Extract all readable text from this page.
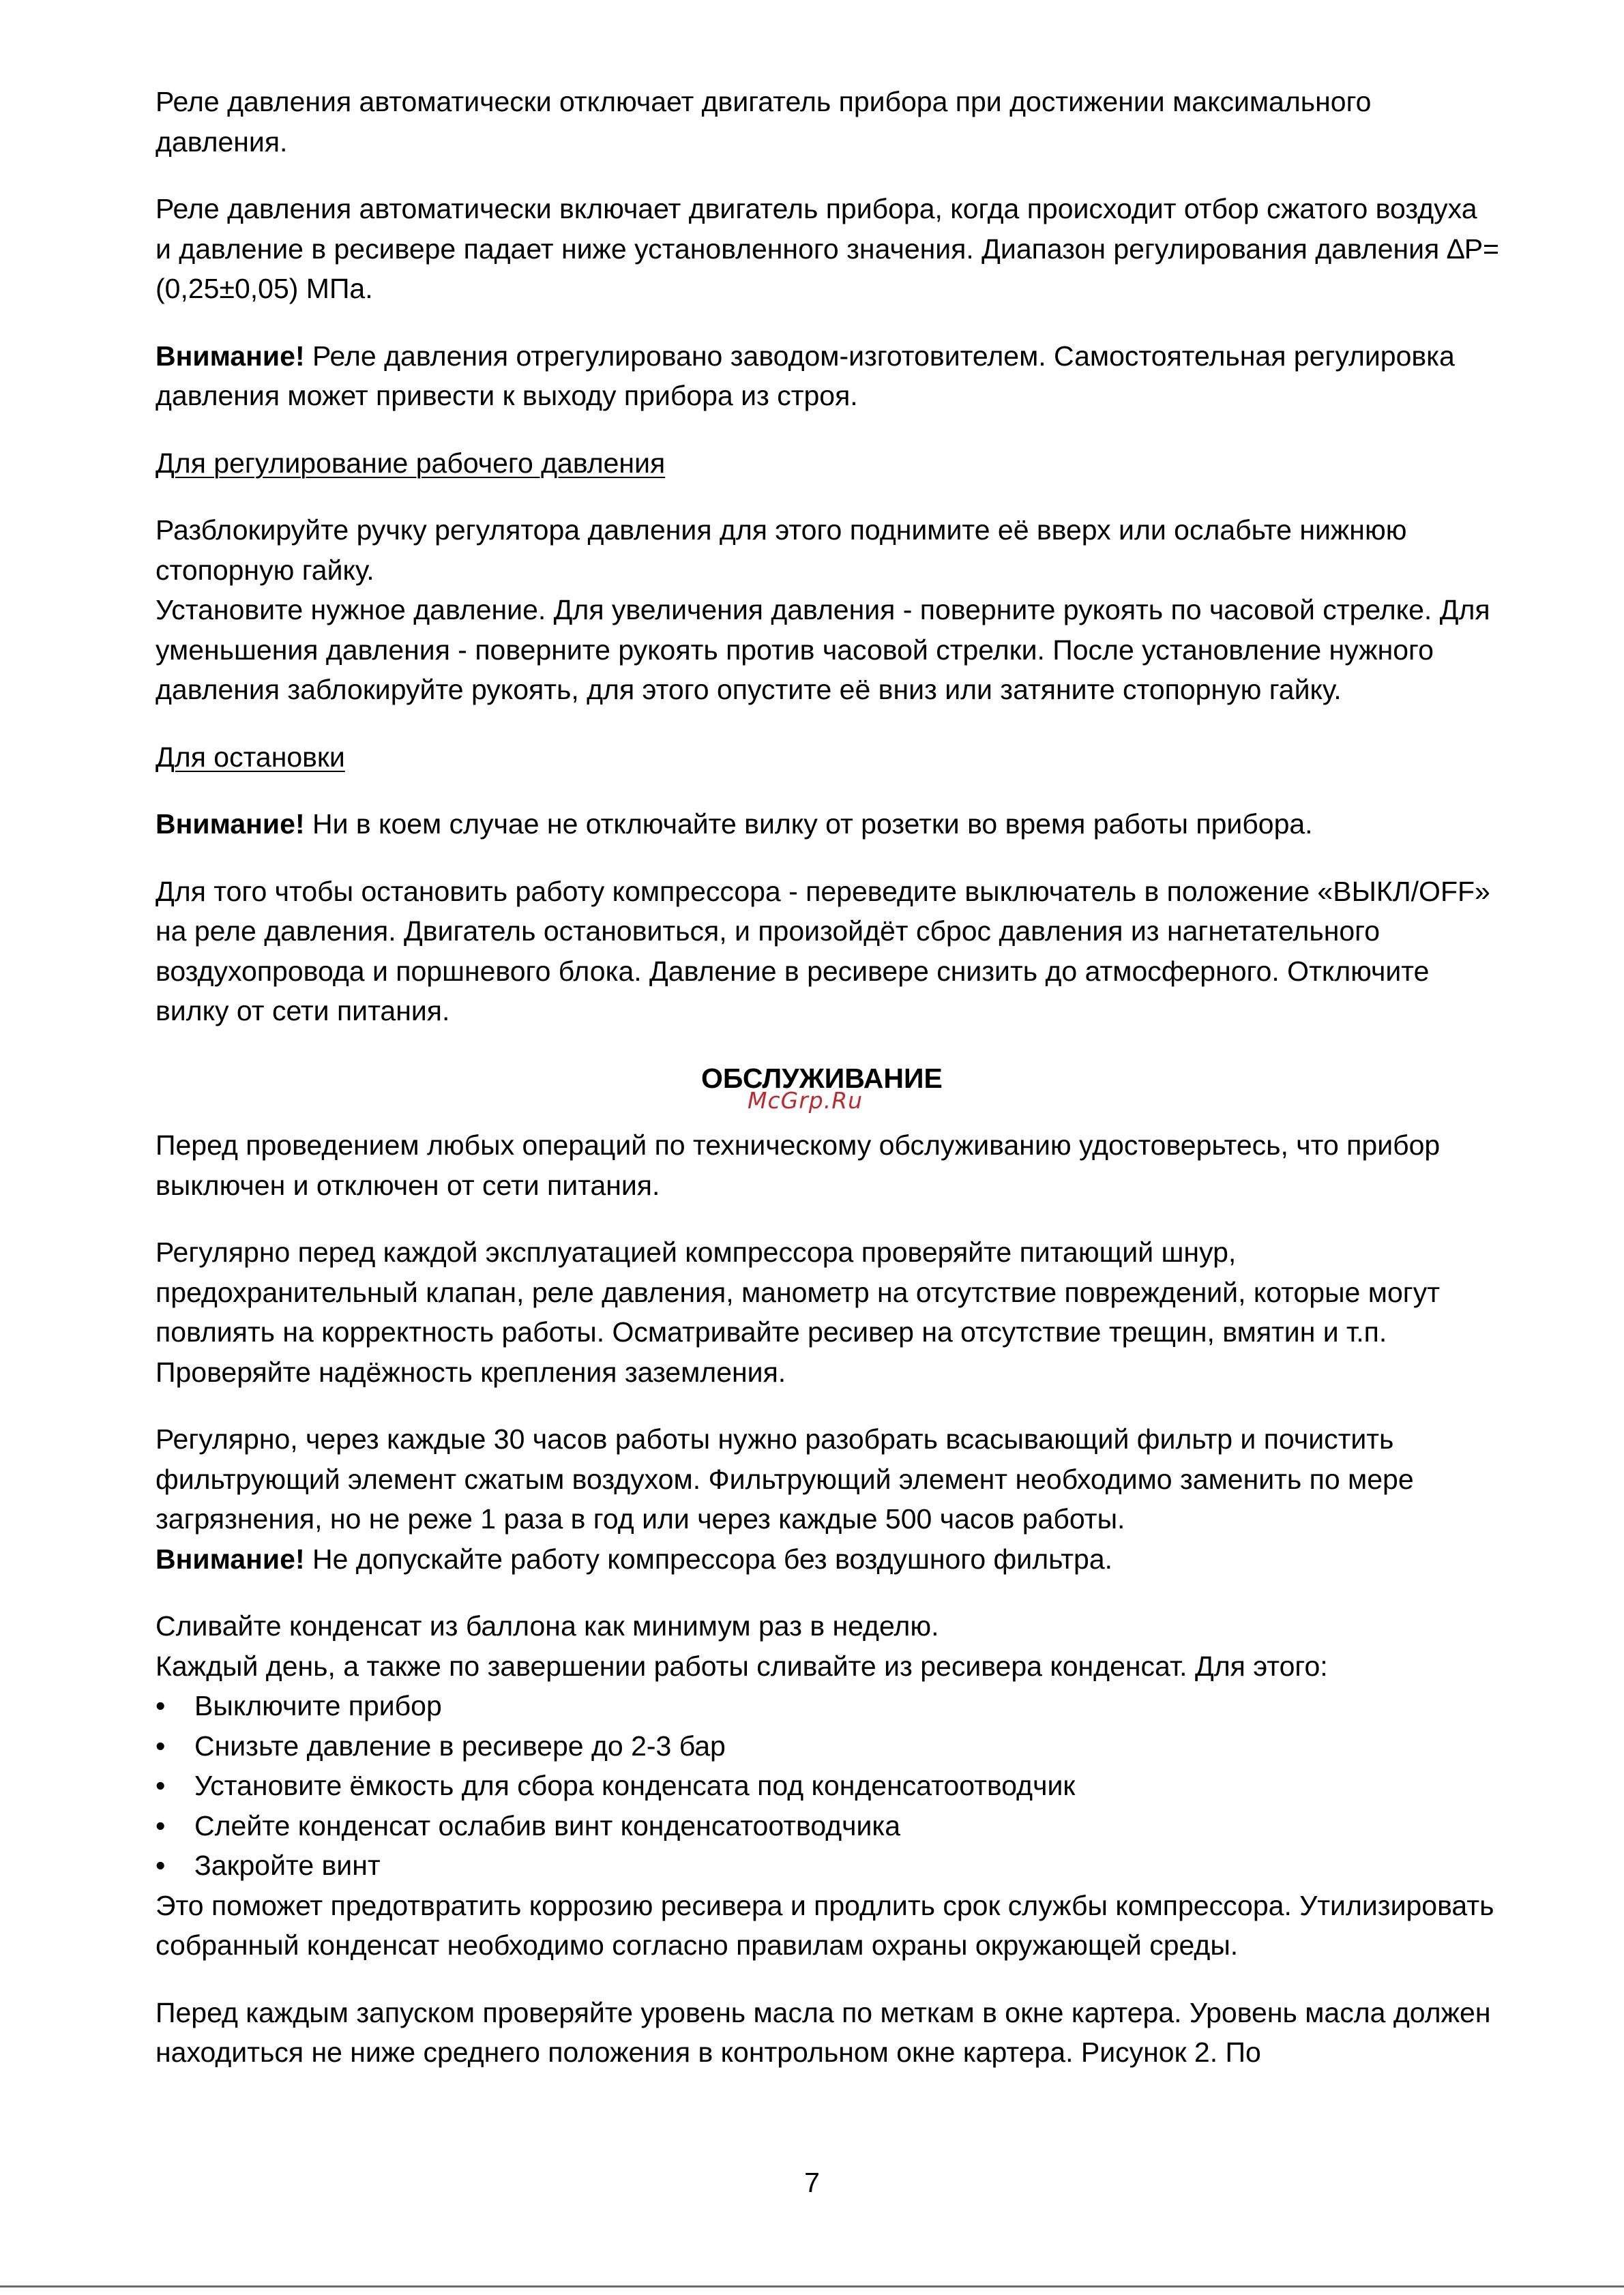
Реле давления автоматически отключает двигатель прибора при достижении максимального давления.

Реле давления автоматически включает двигатель прибора, когда происходит отбор сжатого воздуха и давление в ресивере падает ниже установленного значения. Диапазон регулирования давления ∆P=(0,25±0,05) МПа.

Внимание! Реле давления отрегулировано заводом-изготовителем. Самостоятельная регулировка давления может привести к выходу прибора из строя.

Для регулирование рабочего давления

Разблокируйте ручку регулятора давления для этого поднимите её вверх или ослабьте нижнюю стопорную гайку.

Установите нужное давление. Для увеличения давления - поверните рукоять по часовой стрелке. Для уменьшения давления - поверните рукоять против часовой стрелки. После установление нужного давления заблокируйте рукоять, для этого опустите её вниз или затяните стопорную гайку.

Для остановки

Внимание! Ни в коем случае не отключайте вилку от розетки во время работы прибора.

Для того чтобы остановить работу компрессора - переведите выключатель в положение «ВЫКЛ/OFF» на реле давления. Двигатель остановиться, и произойдёт сброс давления из нагнетательного воздухопровода и поршневого блока. Давление в ресивере снизить до атмосферного. Отключите вилку от сети питания.

ОБСЛУЖИВАНИЕ
McGrp.Ru

Перед проведением любых операций по техническому обслуживанию удостоверьтесь, что прибор выключен и отключен от сети питания.

Регулярно перед каждой эксплуатацией компрессора проверяйте питающий шнур, предохранительный клапан, реле давления, манометр на отсутствие повреждений, которые могут повлиять на корректность работы. Осматривайте ресивер на отсутствие трещин, вмятин и т.п. Проверяйте надёжность крепления заземления.

Регулярно, через каждые 30 часов работы нужно разобрать всасывающий фильтр и почистить фильтрующий элемент сжатым воздухом. Фильтрующий элемент необходимо заменить по мере загрязнения, но не реже 1 раза в год или через каждые 500 часов работы.

Внимание! Не допускайте работу компрессора без воздушного фильтра.

Сливайте конденсат из баллона как минимум раз в неделю.

Каждый день, а также по завершении работы сливайте из ресивера конденсат. Для этого:

• Выключите прибор
• Снизьте давление в ресивере до 2-3 бар
• Установите ёмкость для сбора конденсата под конденсатоотводчик
• Слейте конденсат ослабив винт конденсатоотводчика
• Закройте винт

Это поможет предотвратить коррозию ресивера и продлить срок службы компрессора. Утилизировать собранный конденсат необходимо согласно правилам охраны окружающей среды.

Перед каждым запуском проверяйте уровень масла по меткам в окне картера. Уровень масла должен находиться не ниже среднего положения в контрольном окне картера. Рисунок 2. По

7
